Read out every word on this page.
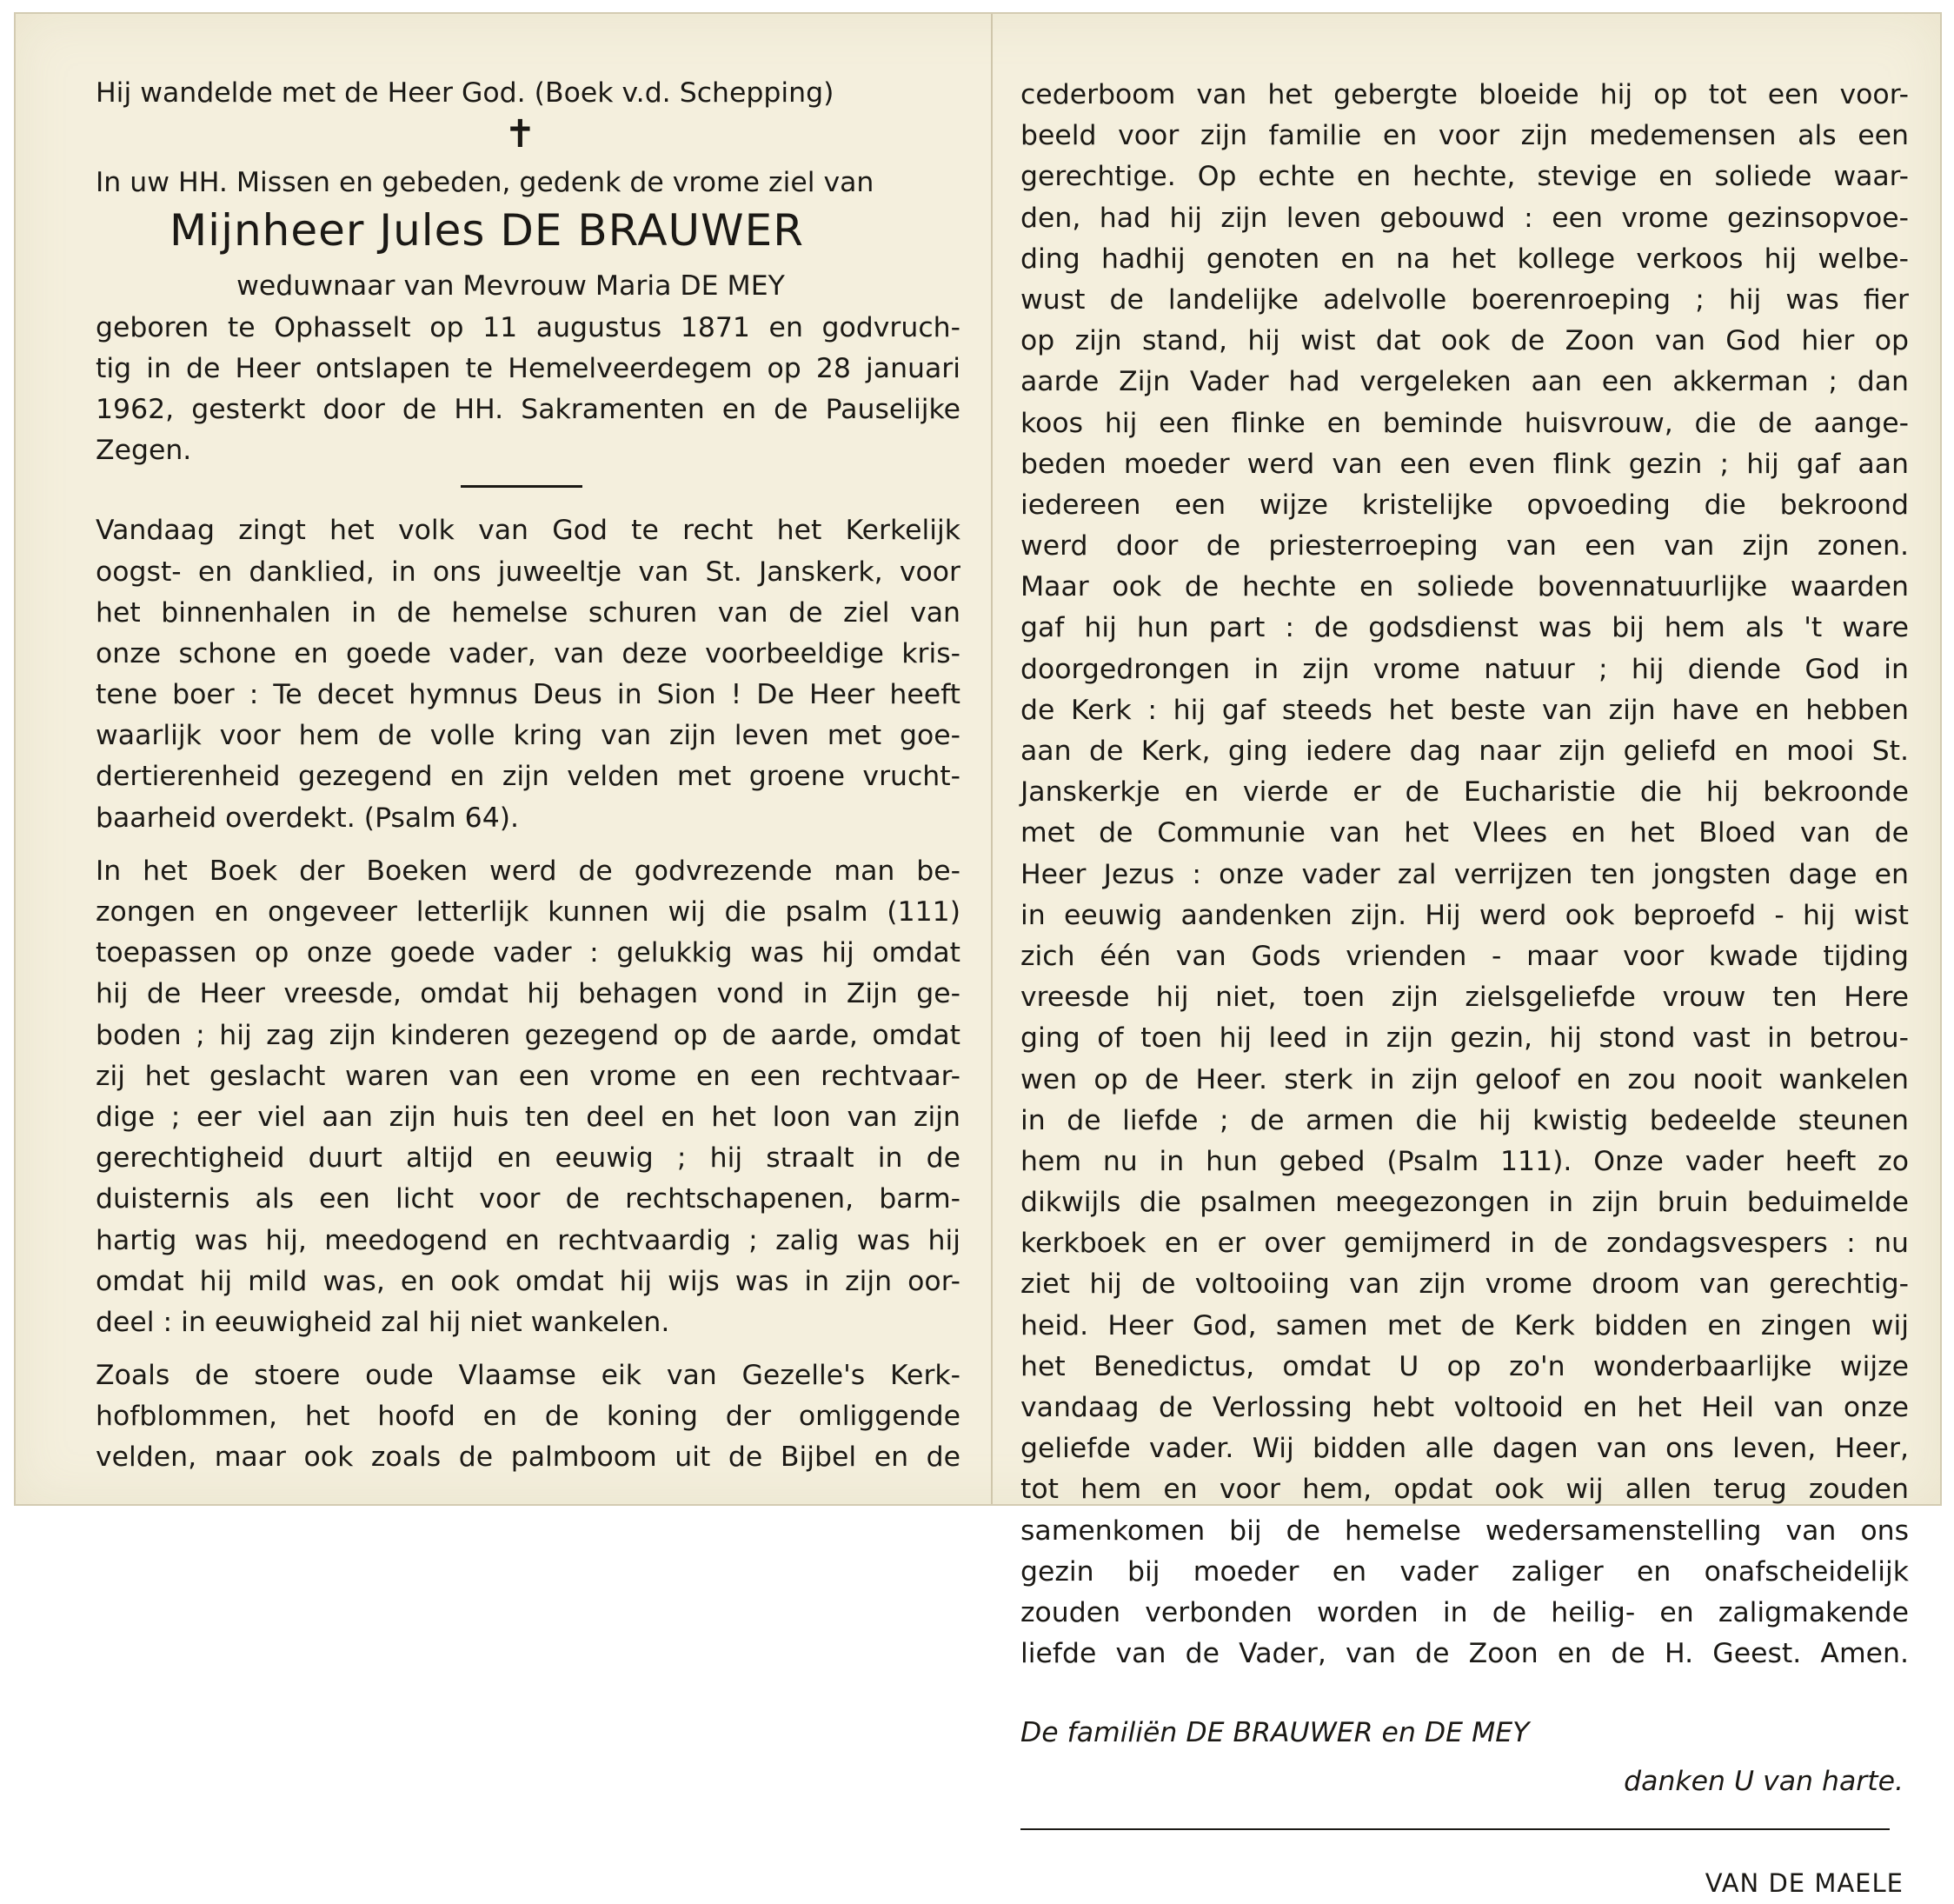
Hij wandelde met de Heer God. (Boek v.d. Schepping)
✝
In uw HH. Missen en gebeden, gedenk de vrome ziel van
Mijnheer Jules DE BRAUWER
weduwnaar van Mevrouw Maria DE MEY
geboren te Ophasselt op 11 augustus 1871 en godvruch-
tig in de Heer ontslapen te Hemelveerdegem op 28 januari
1962, gesterkt door de HH. Sakramenten en de Pauselijke
Zegen.
Vandaag zingt het volk van God te recht het Kerkelijk
oogst- en danklied, in ons juweeltje van St. Janskerk, voor
het binnenhalen in de hemelse schuren van de ziel van
onze schone en goede vader, van deze voorbeeldige kris-
tene boer : Te decet hymnus Deus in Sion ! De Heer heeft
waarlijk voor hem de volle kring van zijn leven met goe-
dertierenheid gezegend en zijn velden met groene vrucht-
baarheid overdekt. (Psalm 64).
In het Boek der Boeken werd de godvrezende man be-
zongen en ongeveer letterlijk kunnen wij die psalm (111)
toepassen op onze goede vader : gelukkig was hij omdat
hij de Heer vreesde, omdat hij behagen vond in Zijn ge-
boden ; hij zag zijn kinderen gezegend op de aarde, omdat
zij het geslacht waren van een vrome en een rechtvaar-
dige ; eer viel aan zijn huis ten deel en het loon van zijn
gerechtigheid duurt altijd en eeuwig ; hij straalt in de
duisternis als een licht voor de rechtschapenen, barm-
hartig was hij, meedogend en rechtvaardig ; zalig was hij
omdat hij mild was, en ook omdat hij wijs was in zijn oor-
deel : in eeuwigheid zal hij niet wankelen.
Zoals de stoere oude Vlaamse eik van Gezelle's Kerk-
hofblommen, het hoofd en de koning der omliggende
velden, maar ook zoals de palmboom uit de Bijbel en de
cederboom van het gebergte bloeide hij op tot een voor-
beeld voor zijn familie en voor zijn medemensen als een
gerechtige. Op echte en hechte, stevige en soliede waar-
den, had hij zijn leven gebouwd : een vrome gezinsopvoe-
ding hadhij genoten en na het kollege verkoos hij welbe-
wust de landelijke adelvolle boerenroeping ; hij was fier
op zijn stand, hij wist dat ook de Zoon van God hier op
aarde Zijn Vader had vergeleken aan een akkerman ; dan
koos hij een flinke en beminde huisvrouw, die de aange-
beden moeder werd van een even flink gezin ; hij gaf aan
iedereen een wijze kristelijke opvoeding die bekroond
werd door de priesterroeping van een van zijn zonen.
Maar ook de hechte en soliede bovennatuurlijke waarden
gaf hij hun part : de godsdienst was bij hem als 't ware
doorgedrongen in zijn vrome natuur ; hij diende God in
de Kerk : hij gaf steeds het beste van zijn have en hebben
aan de Kerk, ging iedere dag naar zijn geliefd en mooi St.
Janskerkje en vierde er de Eucharistie die hij bekroonde
met de Communie van het Vlees en het Bloed van de
Heer Jezus : onze vader zal verrijzen ten jongsten dage en
in eeuwig aandenken zijn. Hij werd ook beproefd - hij wist
zich één van Gods vrienden - maar voor kwade tijding
vreesde hij niet, toen zijn zielsgeliefde vrouw ten Here
ging of toen hij leed in zijn gezin, hij stond vast in betrou-
wen op de Heer. sterk in zijn geloof en zou nooit wankelen
in de liefde ; de armen die hij kwistig bedeelde steunen
hem nu in hun gebed (Psalm 111). Onze vader heeft zo
dikwijls die psalmen meegezongen in zijn bruin beduimelde
kerkboek en er over gemijmerd in de zondagsvespers : nu
ziet hij de voltooiing van zijn vrome droom van gerechtig-
heid. Heer God, samen met de Kerk bidden en zingen wij
het Benedictus, omdat U op zo'n wonderbaarlijke wijze
vandaag de Verlossing hebt voltooid en het Heil van onze
geliefde vader. Wij bidden alle dagen van ons leven, Heer,
tot hem en voor hem, opdat ook wij allen terug zouden
samenkomen bij de hemelse wedersamenstelling van ons
gezin bij moeder en vader zaliger en onafscheidelijk
zouden verbonden worden in de heilig- en zaligmakende
liefde van de Vader, van de Zoon en de H. Geest. Amen.
De familiën DE BRAUWER en DE MEY
danken U van harte.
VAN DE MAELE
